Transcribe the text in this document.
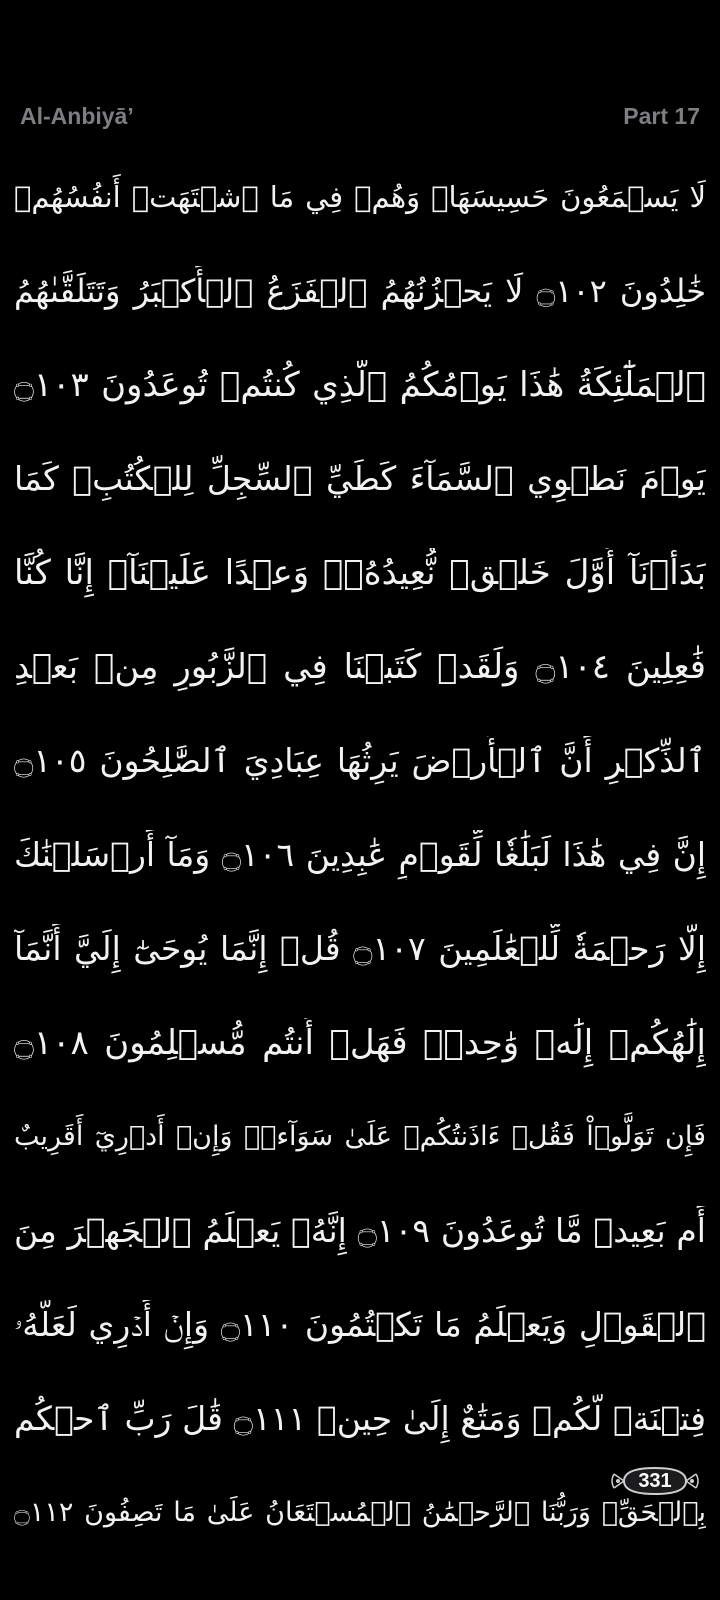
Al-Anbiyā’	Part 17
لَا يَسۡمَعُونَ حَسِيسَهَاۖ وَهُمۡ فِي مَا ٱشۡتَهَتۡ أَنفُسُهُمۡ
خَٰلِدُونَ ۝١٠٢ لَا يَحۡزُنُهُمُ ٱلۡفَزَعُ ٱلۡأَكۡبَرُ وَتَتَلَقَّىٰهُمُ
ٱلۡمَلَٰٓئِكَةُ هَٰذَا يَوۡمُكُمُ ٱلَّذِي كُنتُمۡ تُوعَدُونَ ۝١٠٣
يَوۡمَ نَطۡوِي ٱلسَّمَآءَ كَطَيِّ ٱلسِّجِلِّ لِلۡكُتُبِۚ كَمَا
بَدَأۡنَآ أَوَّلَ خَلۡقٖ نُّعِيدُهُۥۚ وَعۡدًا عَلَيۡنَآۚ إِنَّا كُنَّا
فَٰعِلِينَ ۝١٠٤ وَلَقَدۡ كَتَبۡنَا فِي ٱلزَّبُورِ مِنۢ بَعۡدِ
ٱلذِّكۡرِ أَنَّ ٱلۡأَرۡضَ يَرِثُهَا عِبَادِيَ ٱلصَّٰلِحُونَ ۝١٠٥
إِنَّ فِي هَٰذَا لَبَلَٰغٗا لِّقَوۡمٍ عَٰبِدِينَ ۝١٠٦ وَمَآ أَرۡسَلۡنَٰكَ
إِلَّا رَحۡمَةٗ لِّلۡعَٰلَمِينَ ۝١٠٧ قُلۡ إِنَّمَا يُوحَىٰٓ إِلَيَّ أَنَّمَآ
إِلَٰهُكُمۡ إِلَٰهٞ وَٰحِدٞۖ فَهَلۡ أَنتُم مُّسۡلِمُونَ ۝١٠٨
فَإِن تَوَلَّوۡاْ فَقُلۡ ءَاذَنتُكُمۡ عَلَىٰ سَوَآءٖۖ وَإِنۡ أَدۡرِيٓ أَقَرِيبٌ
أَم بَعِيدٞ مَّا تُوعَدُونَ ۝١٠٩ إِنَّهُۥ يَعۡلَمُ ٱلۡجَهۡرَ مِنَ
ٱلۡقَوۡلِ وَيَعۡلَمُ مَا تَكۡتُمُونَ ۝١١٠ وَإِنۡ أَدۡرِي لَعَلَّهُۥ
فِتۡنَةٞ لَّكُمۡ وَمَتَٰعٌ إِلَىٰ حِينٖ ۝١١١ قَٰلَ رَبِّ ٱحۡكُم
بِٱلۡحَقِّۗ وَرَبُّنَا ٱلرَّحۡمَٰنُ ٱلۡمُسۡتَعَانُ عَلَىٰ مَا تَصِفُونَ ۝١١٢
331
